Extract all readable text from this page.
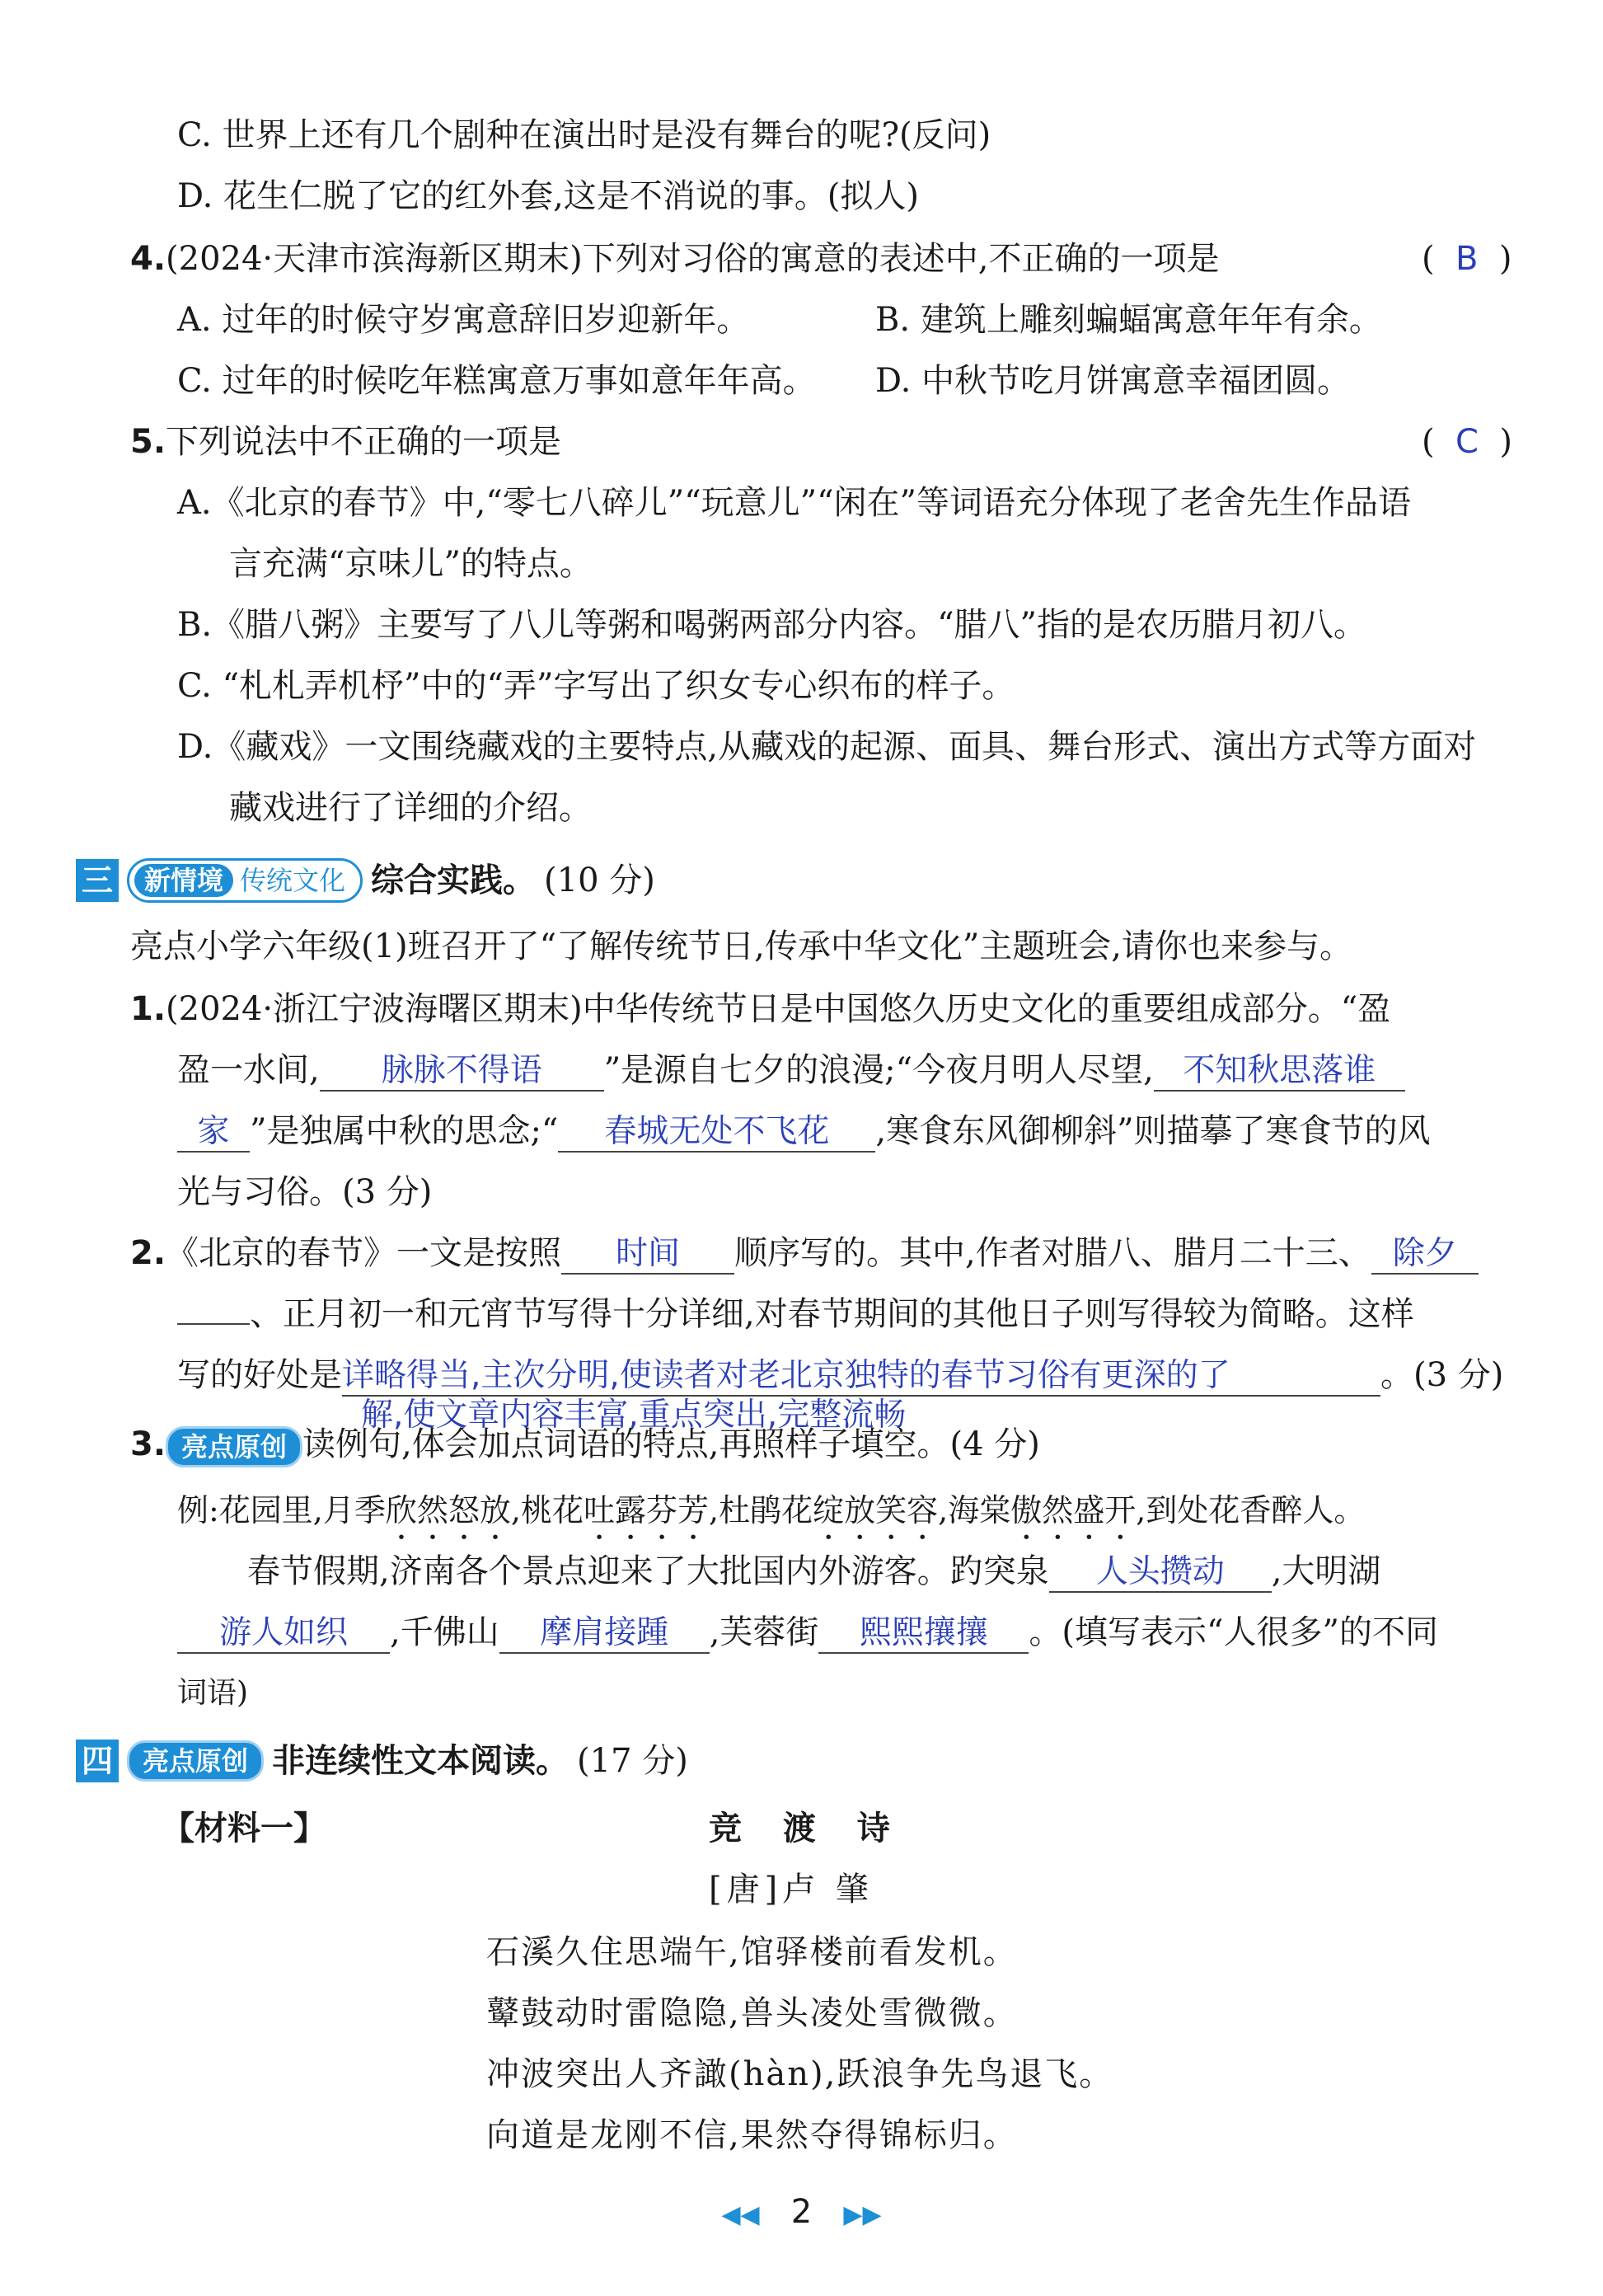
C. 世界上还有几个剧种在演出时是没有舞台的呢?(反问)
D. 花生仁脱了它的红外套,这是不消说的事。(拟人)
4.(2024·天津市滨海新区期末)下列对习俗的寓意的表述中,不正确的一项是	(  B  )
A. 过年的时候守岁寓意辞旧岁迎新年。	B. 建筑上雕刻蝙蝠寓意年年有余。
C. 过年的时候吃年糕寓意万事如意年年高。 D. 中秋节吃月饼寓意幸福团圆。
5.下列说法中不正确的一项是	(  C  )
A.《北京的春节》中,“零七八碎儿”“玩意儿”“闲在”等词语充分体现了老舍先生作品语
言充满“京味儿”的特点。
B.《腊八粥》主要写了八儿等粥和喝粥两部分内容。“腊八”指的是农历腊月初八。
C. “札札弄机杼”中的“弄”字写出了织女专心织布的样子。
D.《藏戏》一文围绕藏戏的主要特点,从藏戏的起源、面具、舞台形式、演出方式等方面对
藏戏进行了详细的介绍。
三	新情境 传统文化 综合实践。 (10 分)
亮点小学六年级(1)班召开了“了解传统节日,传承中华文化”主题班会,请你也来参与。
1.(2024·浙江宁波海曙区期末)中华传统节日是中国悠久历史文化的重要组成部分。“盈
盈一水间, 脉脉不得语 ”是源自七夕的浪漫;“今夜月明人尽望, 不知秋思落谁
家 ”是独属中秋的思念;“ 春城无处不飞花 ,寒食东风御柳斜”则描摹了寒食节的风
光与习俗。(3 分)
2.《北京的春节》一文是按照 时间 顺序写的。其中,作者对腊八、腊月二十三、 除夕
、正月初一和元宵节写得十分详细,对春节期间的其他日子则写得较为简略。这样
写的好处是详略得当,主次分明,使读者对老北京独特的春节习俗有更深的了	。(3 分)
解,使文章内容丰富,重点突出,完整流畅
3. 亮点原创 读例句,体会加点词语的特点,再照样子填空。(4 分)
例:花园里,月季欣然怒放,桃花吐露芬芳,杜鹃花绽放笑容,海棠傲然盛开,到处花香醉人。
春节假期,济南各个景点迎来了大批国内外游客。趵突泉 人头攒动 ,大明湖
游人如织 ,千佛山 摩肩接踵 ,芙蓉街 熙熙攘攘 。(填写表示“人很多”的不同
词语)
四	亮点原创 非连续性文本阅读。 (17 分)
【材料一】	竞 渡 诗
[唐]卢 肇
石溪久住思端午,馆驿楼前看发机。
鼙鼓动时雷隐隐,兽头凌处雪微微。
冲波突出人齐譀(hàn),跃浪争先鸟退飞。
向道是龙刚不信,果然夺得锦标归。
◀◀ 2 ▶▶
